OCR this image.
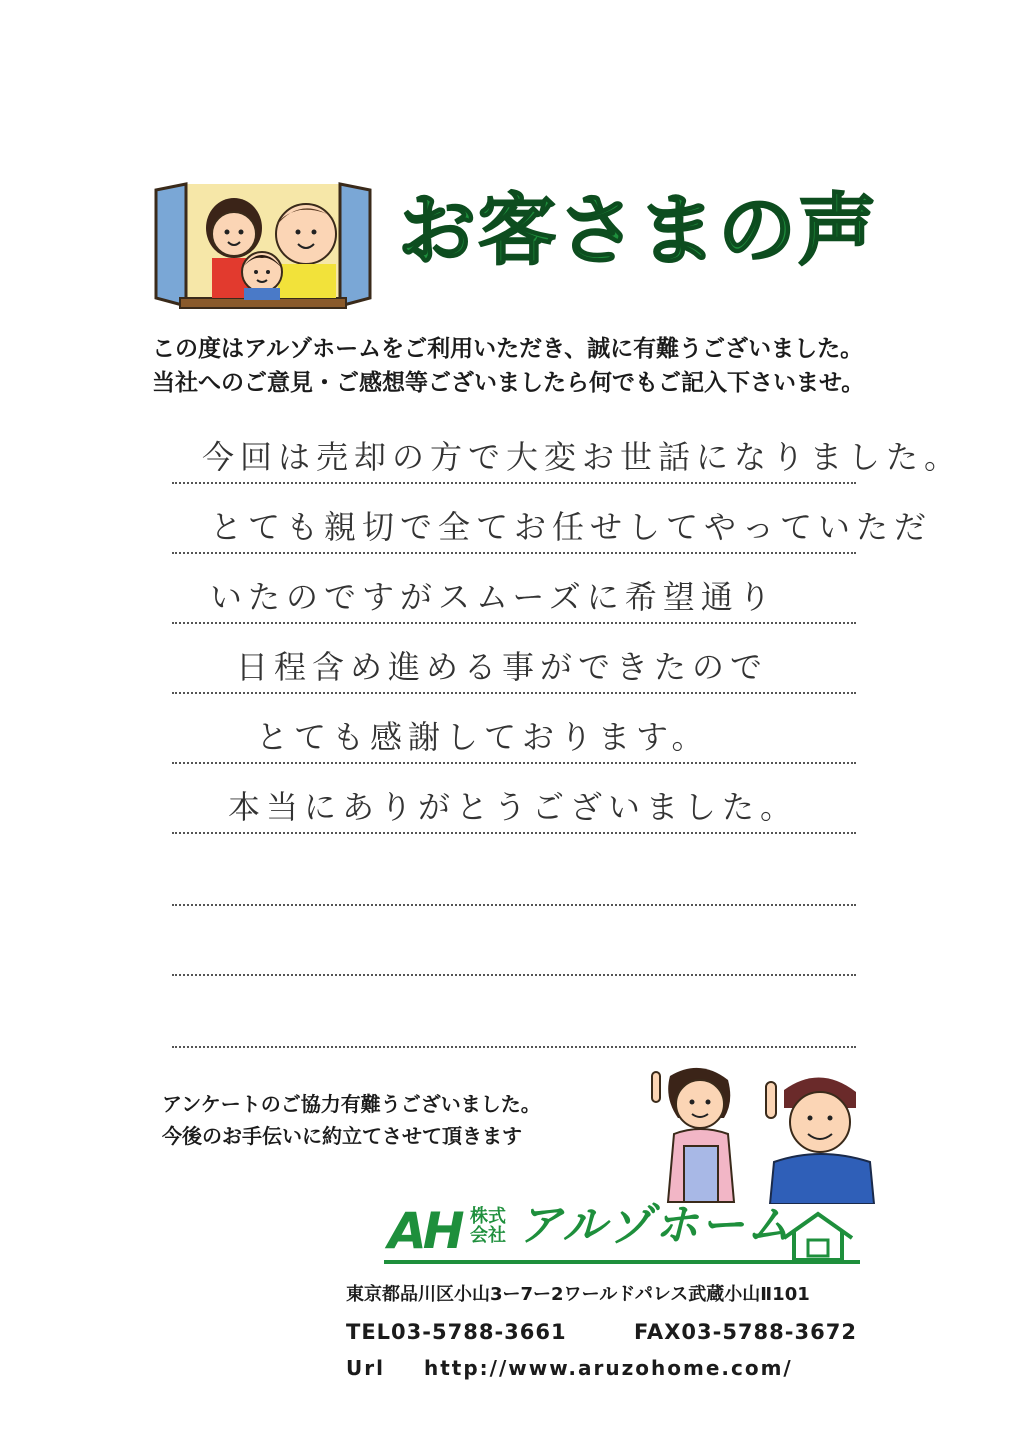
お客さまの声
この度はアルゾホームをご利用いただき、誠に有難うございました。
当社へのご意見・ご感想等ございましたら何でもご記入下さいませ。
今回は売却の方で大変お世話になりました。
とても親切で全てお任せしてやっていただ
いたのですがスムーズに希望通り
日程含め進める事ができたので
とても感謝しております。
本当にありがとうございました。
アンケートのご協力有難うございました。
今後のお手伝いに約立てさせて頂きます
AH 株式会社 アルゾホーム
東京都品川区小山3ー7ー2ワールドパレス武蔵小山Ⅱ101
TEL03-5788-3661	FAX03-5788-3672
Url http://www.aruzohome.com/
